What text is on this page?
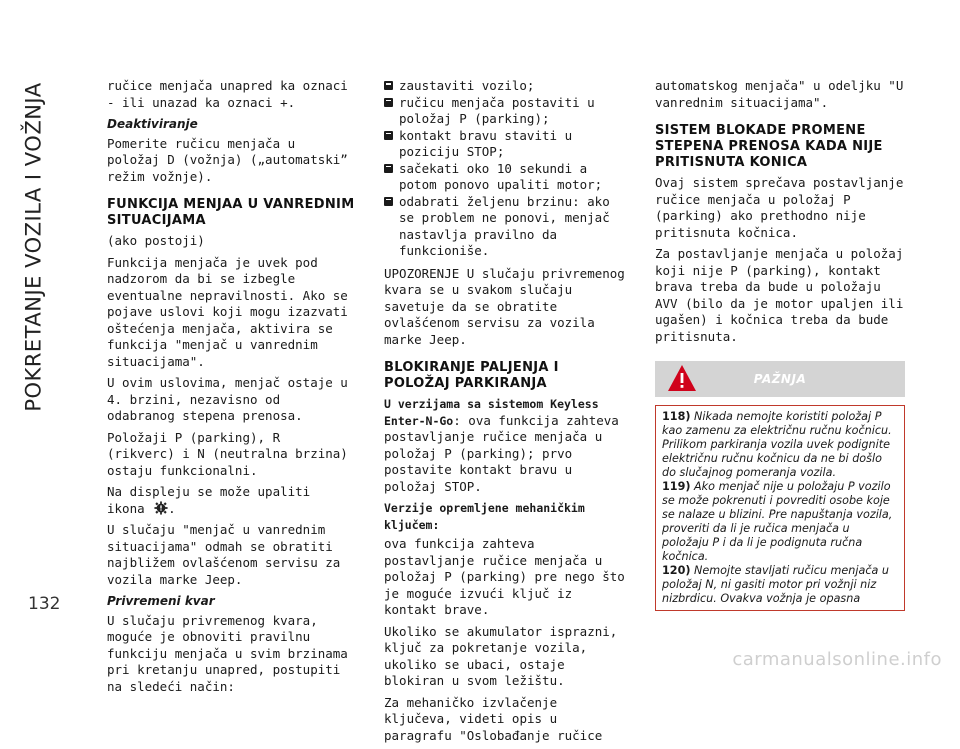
POKRETANJE VOZILA I VOŽNJA
132

ručice menjača unapred ka oznaci - ili unazad ka oznaci +.

Deaktiviranje

Pomerite ručicu menjača u položaj D (vožnja) („automatski” režim vožnje).

FUNKCIJA MENJAA U VANREDNIM SITUACIJAMA

(ako postoji)

Funkcija menjača je uvek pod nadzorom da bi se izbegle eventualne nepravilnosti. Ako se pojave uslovi koji mogu izazvati oštećenja menjača, aktivira se funkcija "menjač u vanrednim situacijama".

U ovim uslovima, menjač ostaje u 4. brzini, nezavisno od odabranog stepena prenosa.

Položaji P (parking), R (rikverc) i N (neutralna brzina) ostaju funkcionalni.

Na displeju se može upaliti ikona .

U slučaju "menjač u vanrednim situacijama" odmah se obratiti najbližem ovlašćenom servisu za vozila marke Jeep.

Privremeni kvar

U slučaju privremenog kvara, moguće je obnoviti pravilnu funkciju menjača u svim brzinama pri kretanju unapred, postupiti na sledeći način:

zaustaviti vozilo;

ručicu menjača postaviti u položaj P (parking);

kontakt bravu staviti u poziciju STOP;

sačekati oko 10 sekundi a potom ponovo upaliti motor;

odabrati željenu brzinu: ako se problem ne ponovi, menjač nastavlja pravilno da funkcioniše.

UPOZORENJE U slučaju privremenog kvara se u svakom slučaju savetuje da se obratite ovlašćenom servisu za vozila marke Jeep.

BLOKIRANJE PALJENJA I POLOŽAJ PARKIRANJA

U verzijama sa sistemom Keyless Enter-N-Go: ova funkcija zahteva postavljanje ručice menjača u položaj P (parking); prvo postavite kontakt bravu u položaj STOP.

Verzije opremljene mehaničkim ključem:

ova funkcija zahteva postavljanje ručice menjača u položaj P (parking) pre nego što je moguće izvući ključ iz kontakt brave.

Ukoliko se akumulator isprazni, ključ za pokretanje vozila, ukoliko se ubaci, ostaje blokiran u svom ležištu.

Za mehaničko izvlačenje ključeva, videti opis u paragrafu "Oslobađanje ručice

automatskog menjača" u odeljku "U vanrednim situacijama".

SISTEM BLOKADE PROMENE STEPENA PRENOSA KADA NIJE PRITISNUTA KONICA

Ovaj sistem sprečava postavljanje ručice menjača u položaj P (parking) ako prethodno nije pritisnuta kočnica.

Za postavljanje menjača u položaj koji nije P (parking), kontakt brava treba da bude u položaju AVV (bilo da je motor upaljen ili ugašen) i kočnica treba da bude pritisnuta.

PAŽNJA

118) Nikada nemojte koristiti položaj P kao zamenu za električnu ručnu kočnicu. Prilikom parkiranja vozila uvek podignite električnu ručnu kočnicu da ne bi došlo do slučajnog pomeranja vozila.

119) Ako menjač nije u položaju P vozilo se može pokrenuti i povrediti osobe koje se nalaze u blizini. Pre napuštanja vozila, proveriti da li je ručica menjača u položaju P i da li je podignuta ručna kočnica.

120) Nemojte stavljati ručicu menjača u položaj N, ni gasiti motor pri vožnji niz nizbrdicu. Ovakva vožnja je opasna

carmanualsonline.info
